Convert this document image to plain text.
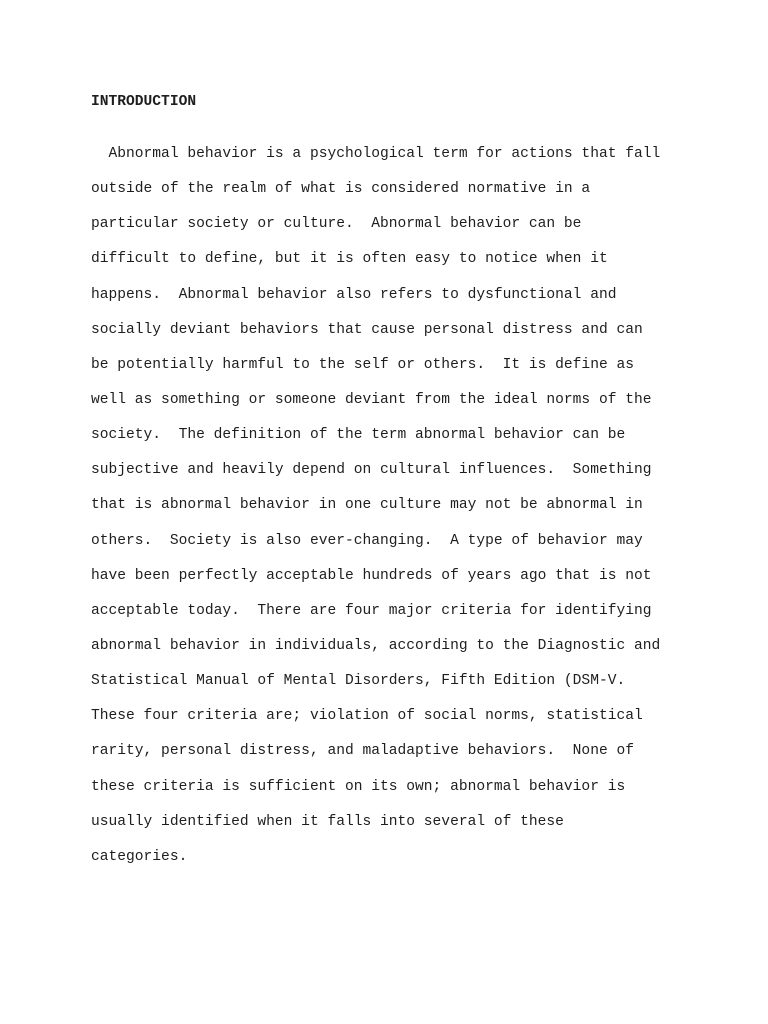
INTRODUCTION
Abnormal behavior is a psychological term for actions that fall
outside of the realm of what is considered normative in a
particular society or culture.  Abnormal behavior can be
difficult to define, but it is often easy to notice when it
happens.  Abnormal behavior also refers to dysfunctional and
socially deviant behaviors that cause personal distress and can
be potentially harmful to the self or others.  It is define as
well as something or someone deviant from the ideal norms of the
society.  The definition of the term abnormal behavior can be
subjective and heavily depend on cultural influences.  Something
that is abnormal behavior in one culture may not be abnormal in
others.  Society is also ever-changing.  A type of behavior may
have been perfectly acceptable hundreds of years ago that is not
acceptable today.  There are four major criteria for identifying
abnormal behavior in individuals, according to the Diagnostic and
Statistical Manual of Mental Disorders, Fifth Edition (DSM-V.
These four criteria are; violation of social norms, statistical
rarity, personal distress, and maladaptive behaviors.  None of
these criteria is sufficient on its own; abnormal behavior is
usually identified when it falls into several of these
categories.
